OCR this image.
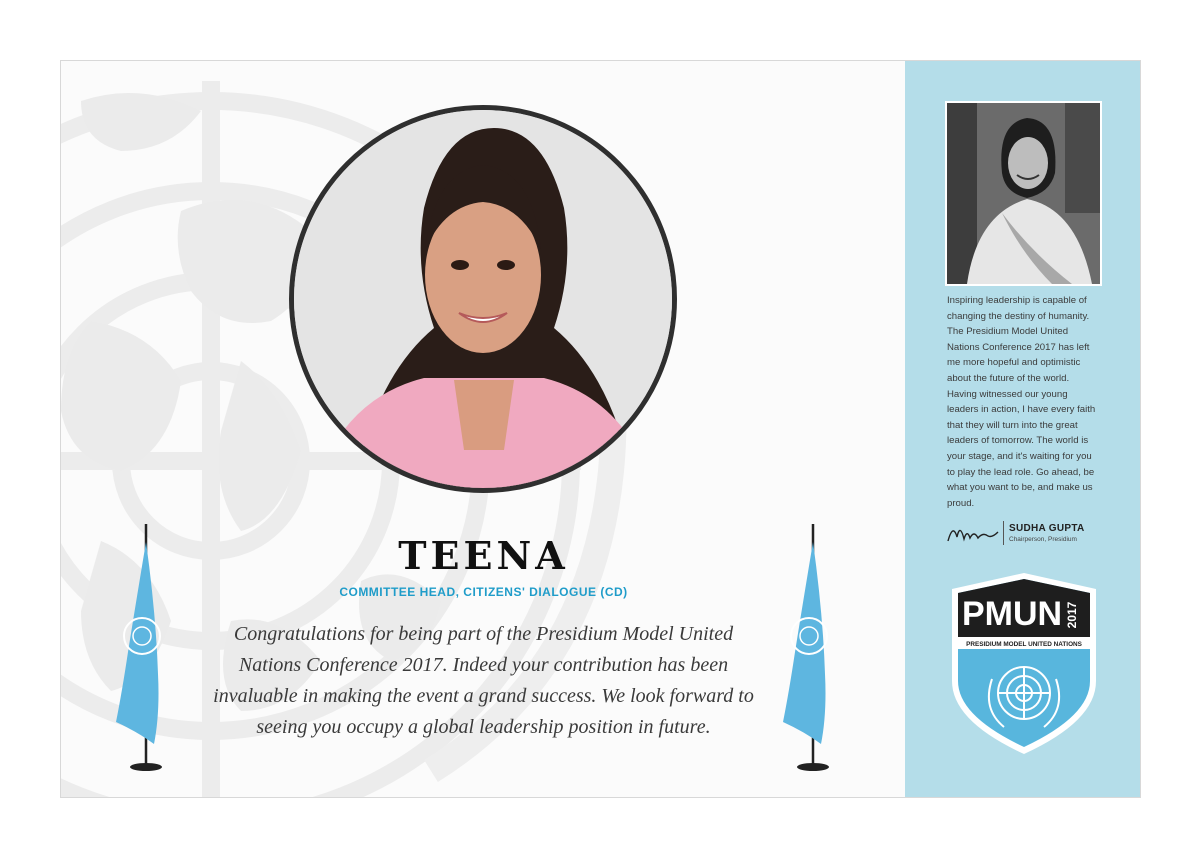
TEENA
COMMITTEE HEAD, CITIZENS' DIALOGUE (CD)
Congratulations for being part of the Presidium Model United Nations Conference 2017. Indeed your contribution has been invaluable in making the event a grand success. We look forward to seeing you occupy a global leadership position in future.
Inspiring leadership is capable of changing the destiny of humanity. The Presidium Model United Nations Conference 2017 has left me more hopeful and optimistic about the future of the world. Having witnessed our young leaders in action, I have every faith that they will turn into the great leaders of tomorrow. The world is your stage, and it's waiting for you to play the lead role. Go ahead, be what you want to be, and make us proud.
SUDHA GUPTA
Chairperson, Presidium
PMUN 2017
PRESIDIUM MODEL UNITED NATIONS
